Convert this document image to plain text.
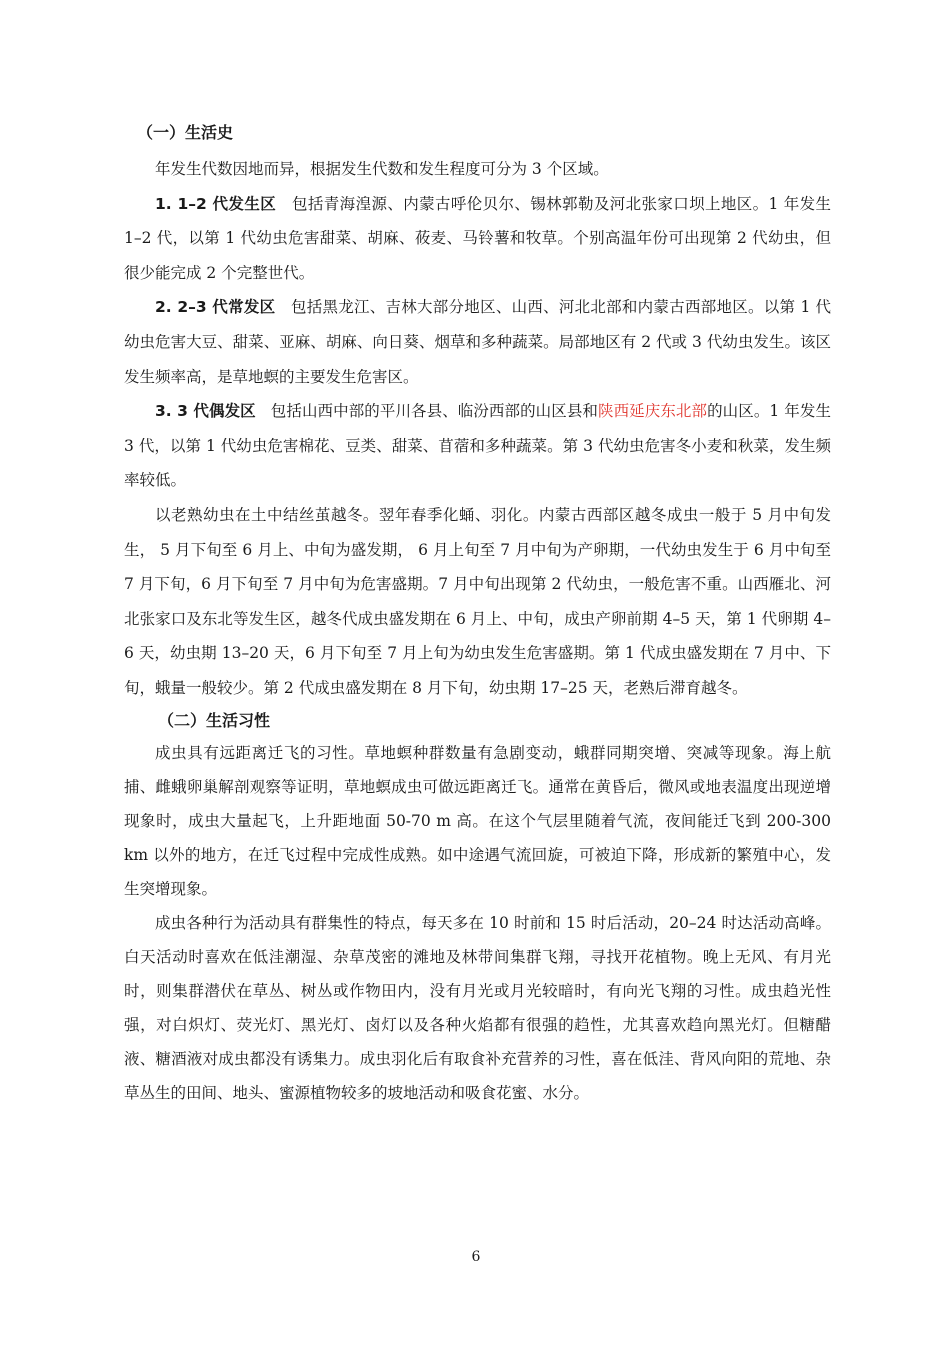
（一）生活史

年发生代数因地而异，根据发生代数和发生程度可分为 3 个区域。

1. 1–2 代发生区 包括青海湟源、内蒙古呼伦贝尔、锡林郭勒及河北张家口坝上地区。1 年发生 1–2 代，以第 1 代幼虫危害甜菜、胡麻、莜麦、马铃薯和牧草。个别高温年份可出现第 2 代幼虫，但很少能完成 2 个完整世代。

2. 2–3 代常发区 包括黑龙江、吉林大部分地区、山西、河北北部和内蒙古西部地区。以第 1 代幼虫危害大豆、甜菜、亚麻、胡麻、向日葵、烟草和多种蔬菜。局部地区有 2 代或 3 代幼虫发生。该区发生频率高，是草地螟的主要发生危害区。

3. 3 代偶发区 包括山西中部的平川各县、临汾西部的山区县和陕西延庆东北部的山区。1 年发生 3 代，以第 1 代幼虫危害棉花、豆类、甜菜、苜蓿和多种蔬菜。第 3 代幼虫危害冬小麦和秋菜，发生频率较低。

以老熟幼虫在土中结丝茧越冬。翌年春季化蛹、羽化。内蒙古西部区越冬成虫一般于 5 月中旬发生， 5 月下旬至 6 月上、中旬为盛发期， 6 月上旬至 7 月中旬为产卵期，一代幼虫发生于 6 月中旬至 7 月下旬，6 月下旬至 7 月中旬为危害盛期。7 月中旬出现第 2 代幼虫，一般危害不重。山西雁北、河北张家口及东北等发生区，越冬代成虫盛发期在 6 月上、中旬，成虫产卵前期 4–5 天，第 1 代卵期 4–6 天，幼虫期 13–20 天，6 月下旬至 7 月上旬为幼虫发生危害盛期。第 1 代成虫盛发期在 7 月中、下旬，蛾量一般较少。第 2 代成虫盛发期在 8 月下旬，幼虫期 17–25 天，老熟后滞育越冬。

（二）生活习性

成虫具有远距离迁飞的习性。草地螟种群数量有急剧变动，蛾群同期突增、突减等现象。海上航捕、雌蛾卵巢解剖观察等证明，草地螟成虫可做远距离迁飞。通常在黄昏后，微风或地表温度出现逆增现象时，成虫大量起飞，上升距地面 50-70 m 高。在这个气层里随着气流，夜间能迁飞到 200-300 km 以外的地方，在迁飞过程中完成性成熟。如中途遇气流回旋，可被迫下降，形成新的繁殖中心，发生突增现象。

成虫各种行为活动具有群集性的特点，每天多在 10 时前和 15 时后活动，20–24 时达活动高峰。白天活动时喜欢在低洼潮湿、杂草茂密的滩地及林带间集群飞翔，寻找开花植物。晚上无风、有月光时，则集群潜伏在草丛、树丛或作物田内，没有月光或月光较暗时，有向光飞翔的习性。成虫趋光性强，对白炽灯、荧光灯、黑光灯、卤灯以及各种火焰都有很强的趋性，尤其喜欢趋向黑光灯。但糖醋液、糖酒液对成虫都没有诱集力。成虫羽化后有取食补充营养的习性，喜在低洼、背风向阳的荒地、杂草丛生的田间、地头、蜜源植物较多的坡地活动和吸食花蜜、水分。

6
